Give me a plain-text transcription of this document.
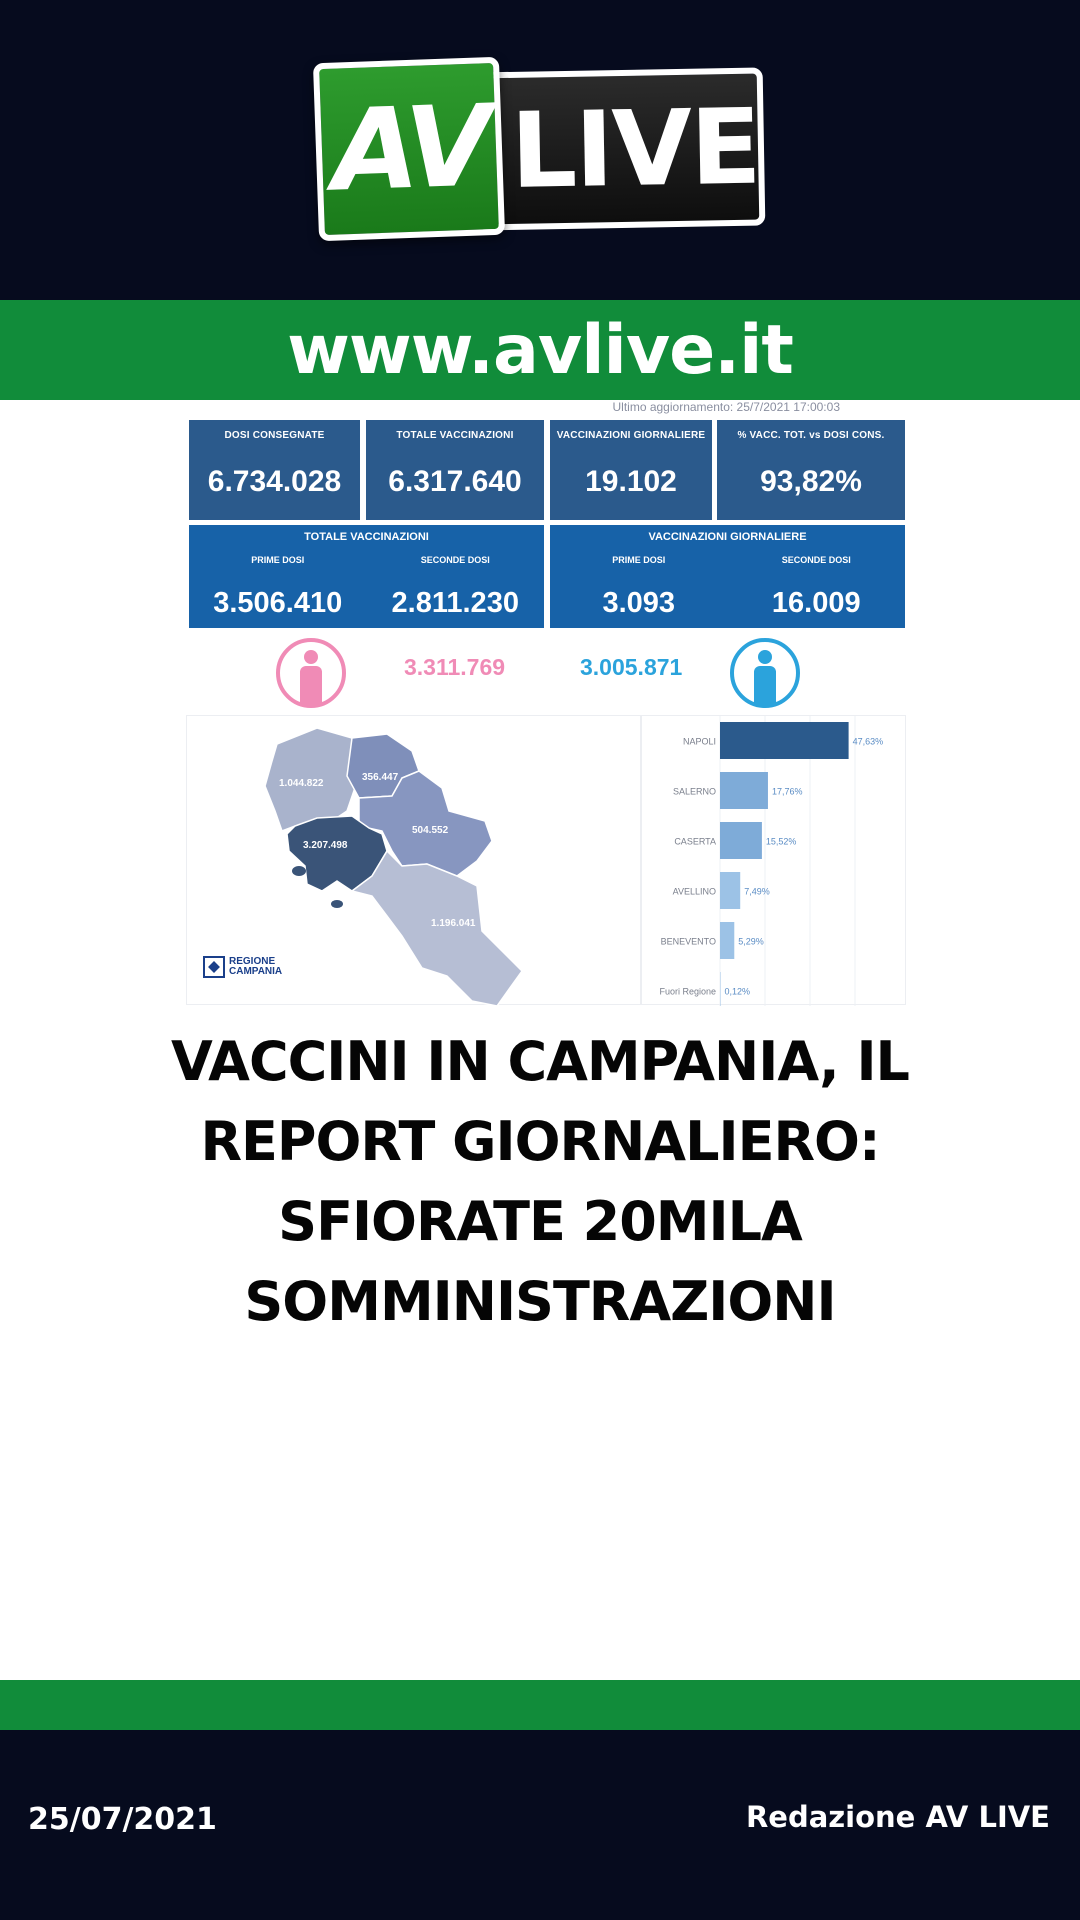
AV LIVE
www.avlive.it
Ultimo aggiornamento: 25/7/2021 17:00:03
DOSI CONSEGNATE
6.734.028
TOTALE VACCINAZIONI
6.317.640
VACCINAZIONI GIORNALIERE
19.102
% VACC. TOT. vs DOSI CONS.
93,82%
TOTALE VACCINAZIONI
PRIME DOSI
3.506.410
SECONDE DOSI
2.811.230
VACCINAZIONI GIORNALIERE
PRIME DOSI
3.093
SECONDE DOSI
16.009
3.311.769	3.005.871
1.044.822
356.447
504.552
3.207.498
1.196.041
REGIONE
CAMPANIA
NAPOLI	47,63%
SALERNO	17,76%
CASERTA	15,52%
AVELLINO	7,49%
BENEVENTO 5,29%
Fuori Regione 0,12%
VACCINI IN CAMPANIA, IL REPORT GIORNALIERO: SFIORATE 20MILA SOMMINISTRAZIONI
25/07/2021	Redazione AV LIVE
